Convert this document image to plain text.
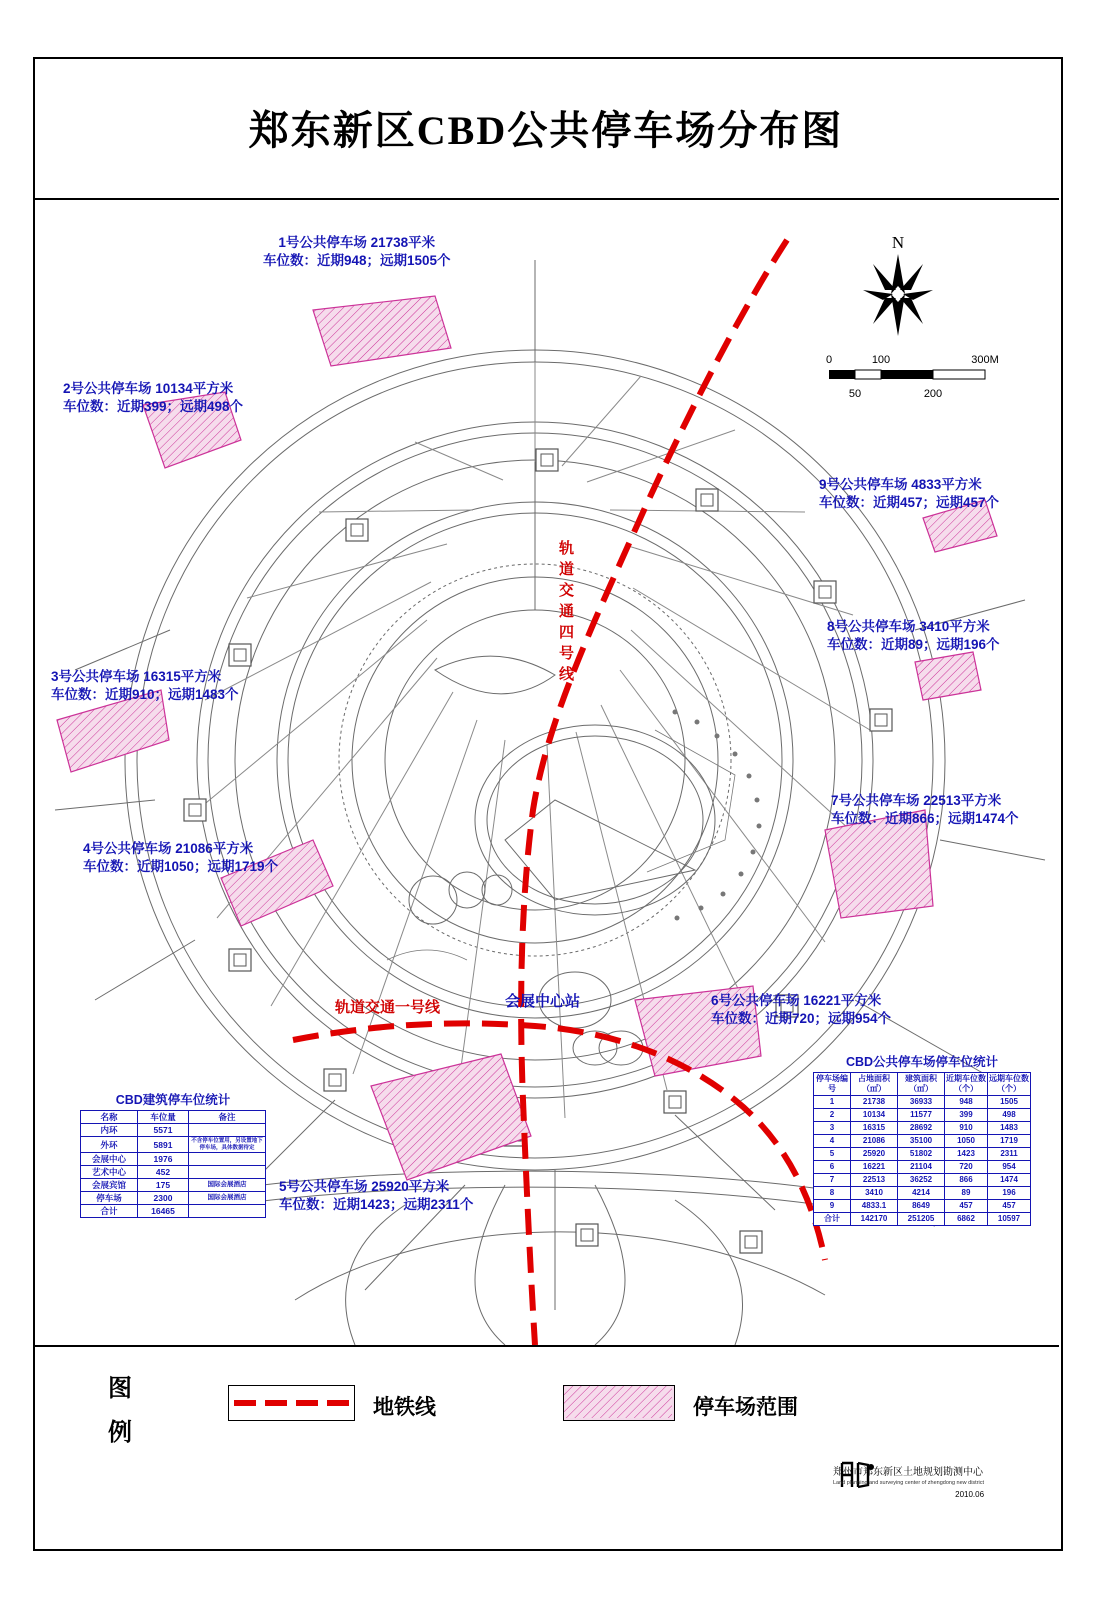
郑东新区CBD公共停车场分布图
1号公共停车场 21738平米
车位数：近期948；远期1505个
2号公共停车场 10134平方米
车位数：近期399；远期498个
3号公共停车场 16315平方米
车位数：近期910；远期1483个
4号公共停车场 21086平方米
车位数：近期1050；远期1719个
5号公共停车场 25920平方米
车位数：近期1423；远期2311个
6号公共停车场 16221平方米
车位数：近期720；远期954个
7号公共停车场 22513平方米
车位数：近期866；远期1474个
8号公共停车场 3410平方米
车位数：近期89；远期196个
9号公共停车场 4833平方米
车位数：近期457；远期457个
轨道交通四号线
轨道交通一号线	会展中心站
N
0	100	300M
50	200
CBD建筑停车位统计
名称	车位量	备注
内环	5571	
外环	5891	不含停车位置用，另设置地下停车场，具体数据待定
会展中心	1976	
艺术中心	452	
会展宾馆	175	国际会展酒店
停车场	2300	国际会展酒店
合计	16465	
CBD公共停车场停车位统计
停车场编号	占地面积（㎡）	建筑面积（㎡）	近期车位数（个）	远期车位数（个）
1	21738	36933	948	1505
2	10134	11577	399	498
3	16315	28692	910	1483
4	21086	35100	1050	1719
5	25920	51802	1423	2311
6	16221	21104	720	954
7	22513	36252	866	1474
8	3410	4214	89	196
9	4833.1	8649	457	457
合计	142170	251205	6862	10597
图
例
地铁线	停车场范围
郑州市郑东新区土地规划勘测中心
Land planning and surveying center of zhengdong new district
2010.06
